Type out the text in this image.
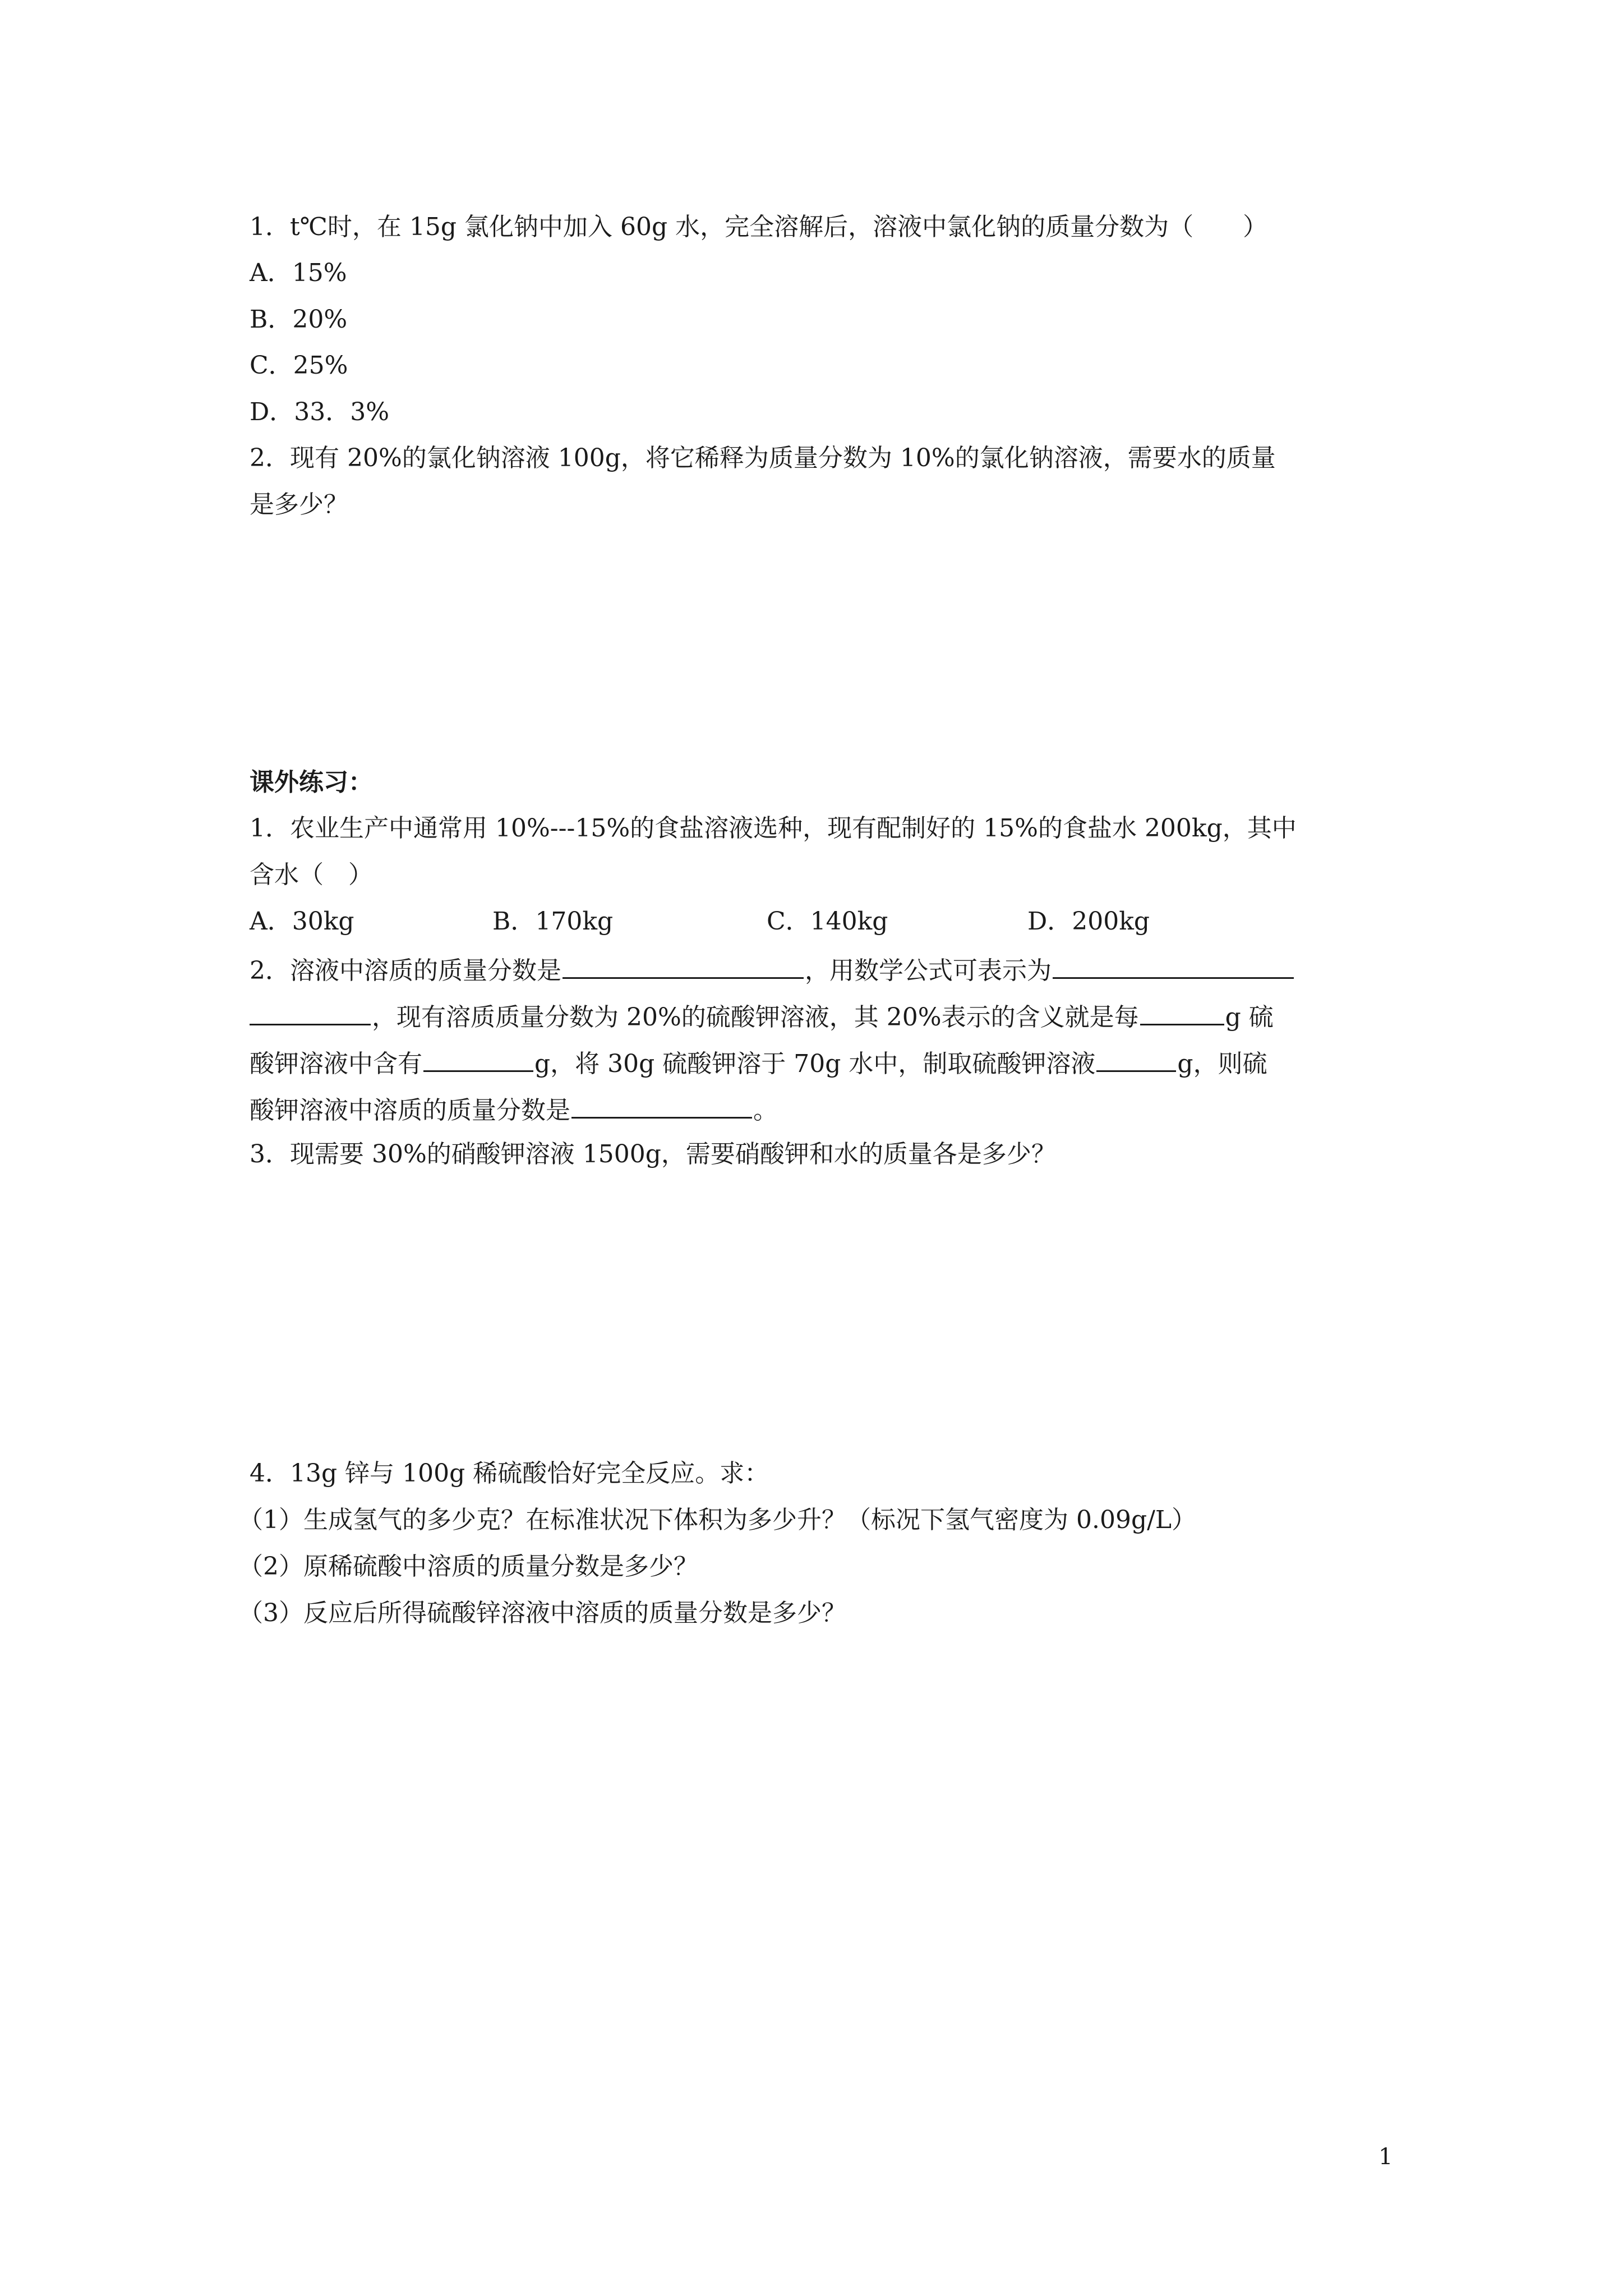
1．t℃时，在 15g 氯化钠中加入 60g 水，完全溶解后，溶液中氯化钠的质量分数为（　　）
A．15%
B．20%
C．25%
D．33．3%
2．现有 20%的氯化钠溶液 100g，将它稀释为质量分数为 10%的氯化钠溶液，需要水的质量
是多少？
课外练习：
1．农业生产中通常用 10%---15%的食盐溶液选种，现有配制好的 15%的食盐水 200kg，其中
含水（　）
A．30kg	B．170kg	C．140kg	D．200kg
2．溶液中溶质的质量分数是	，用数学公式可表示为
，现有溶质质量分数为 20%的硫酸钾溶液，其 20%表示的含义就是每	g 硫
酸钾溶液中含有	g，将 30g 硫酸钾溶于 70g 水中，制取硫酸钾溶液	g，则硫
酸钾溶液中溶质的质量分数是	。
3．现需要 30%的硝酸钾溶液 1500g，需要硝酸钾和水的质量各是多少？
4．13g 锌与 100g 稀硫酸恰好完全反应。求：
（1）生成氢气的多少克？在标准状况下体积为多少升？（标况下氢气密度为 0.09g/L）
（2）原稀硫酸中溶质的质量分数是多少？
（3）反应后所得硫酸锌溶液中溶质的质量分数是多少？
1
